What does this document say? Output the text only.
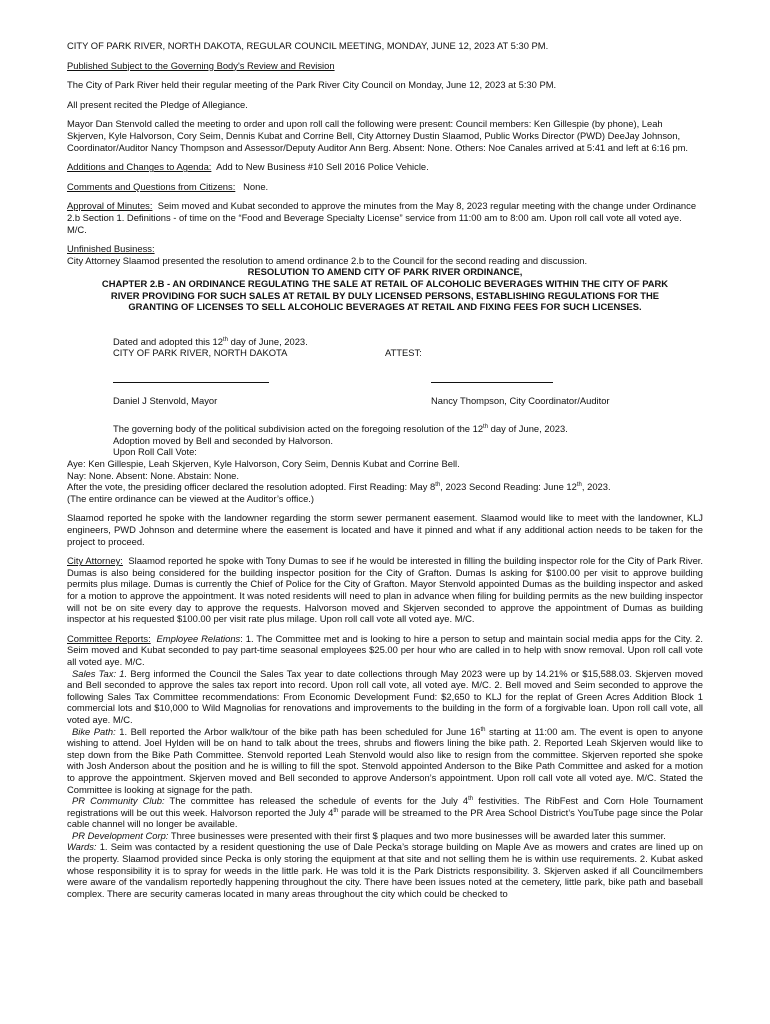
CITY OF PARK RIVER, NORTH DAKOTA, REGULAR COUNCIL MEETING, MONDAY, JUNE 12, 2023 AT 5:30 PM.

Published Subject to the Governing Body's Review and Revision

The City of Park River held their regular meeting of the Park River City Council on Monday, June 12, 2023 at 5:30 PM.

All present recited the Pledge of Allegiance.

Mayor Dan Stenvold called the meeting to order and upon roll call the following were present: Council members: Ken Gillespie (by phone), Leah Skjerven, Kyle Halvorson, Cory Seim, Dennis Kubat and Corrine Bell, City Attorney Dustin Slaamod, Public Works Director (PWD) DeeJay Johnson, Coordinator/Auditor Nancy Thompson and Assessor/Deputy Auditor Ann Berg. Absent: None. Others: Noe Canales arrived at 5:41 and left at 6:16 pm.

Additions and Changes to Agenda: Add to New Business #10 Sell 2016 Police Vehicle.

Comments and Questions from Citizens: None.

Approval of Minutes: Seim moved and Kubat seconded to approve the minutes from the May 8, 2023 regular meeting with the change under Ordinance 2.b Section 1. Definitions - of time on the “Food and Beverage Specialty License” service from 11:00 am to 8:00 am. Upon roll call vote all voted aye. M/C.

Unfinished Business:

City Attorney Slaamod presented the resolution to amend ordinance 2.b to the Council for the second reading and discussion.

RESOLUTION TO AMEND CITY OF PARK RIVER ORDINANCE,

CHAPTER 2.B - AN ORDINANCE REGULATING THE SALE AT RETAIL OF ALCOHOLIC BEVERAGES WITHIN THE CITY OF PARK

RIVER PROVIDING FOR SUCH SALES AT RETAIL BY DULY LICENSED PERSONS, ESTABLISHING REGULATIONS FOR THE

GRANTING OF LICENSES TO SELL ALCOHOLIC BEVERAGES AT RETAIL AND FIXING FEES FOR SUCH LICENSES.

Dated and adopted this 12th day of June, 2023.

CITY OF PARK RIVER, NORTH DAKOTA	ATTEST:
Daniel J Stenvold, Mayor	Nancy Thompson, City Coordinator/Auditor

The governing body of the political subdivision acted on the foregoing resolution of the 12th day of June, 2023.

Adoption moved by Bell and seconded by Halvorson.

Upon Roll Call Vote:

Aye: Ken Gillespie, Leah Skjerven, Kyle Halvorson, Cory Seim, Dennis Kubat and Corrine Bell.

Nay: None. Absent: None. Abstain: None.

After the vote, the presiding officer declared the resolution adopted. First Reading: May 8th, 2023 Second Reading: June 12th, 2023.

(The entire ordinance can be viewed at the Auditor’s office.)

Slaamod reported he spoke with the landowner regarding the storm sewer permanent easement. Slaamod would like to meet with the landowner, KLJ engineers, PWD Johnson and determine where the easement is located and have it pinned and what if any additional action needs to be taken for the project to proceed.

City Attorney: Slaamod reported he spoke with Tony Dumas to see if he would be interested in filling the building inspector role for the City of Park River. Dumas is also being considered for the building inspector position for the City of Grafton. Dumas Is asking for $100.00 per visit to approve building permits plus milage. Dumas is currently the Chief of Police for the City of Grafton. Mayor Stenvold appointed Dumas as the building inspector and asked for a motion to approve the appointment. It was noted residents will need to plan in advance when filing for building permits as the new building inspector will not be on site every day to approve the requests. Halvorson moved and Skjerven seconded to approve the appointment of Dumas as building inspector at his requested $100.00 per visit rate plus milage. Upon roll call vote all voted aye. M/C.

Committee Reports: Employee Relations: 1. The Committee met and is looking to hire a person to setup and maintain social media apps for the City. 2. Seim moved and Kubat seconded to pay part-time seasonal employees $25.00 per hour who are called in to help with snow removal. Upon roll call vote all voted aye. M/C.

Sales Tax: 1. Berg informed the Council the Sales Tax year to date collections through May 2023 were up by 14.21% or $15,588.03. Skjerven moved and Bell seconded to approve the sales tax report into record. Upon roll call vote, all voted aye. M/C. 2. Bell moved and Seim seconded to approve the following Sales Tax Committee recommendations: From Economic Development Fund: $2,650 to KLJ for the replat of Green Acres Addition Block 1 commercial lots and $10,000 to Wild Magnolias for renovations and improvements to the building in the form of a forgivable loan. Upon roll call vote, all voted aye. M/C.

Bike Path: 1. Bell reported the Arbor walk/tour of the bike path has been scheduled for June 16th starting at 11:00 am. The event is open to anyone wishing to attend. Joel Hylden will be on hand to talk about the trees, shrubs and flowers lining the bike path. 2. Reported Leah Skjerven would like to step down from the Bike Path Committee. Stenvold reported Leah Stenvold would also like to resign from the committee. Skjerven reported she spoke with Josh Anderson about the position and he is willing to fill the spot. Stenvold appointed Anderson to the Bike Path Committee and asked for a motion to approve the appointment. Skjerven moved and Bell seconded to approve Anderson’s appointment. Upon roll call vote all voted aye. M/C. Stated the Committee is looking at signage for the path.

PR Community Club: The committee has released the schedule of events for the July 4th festivities. The RibFest and Corn Hole Tournament registrations will be out this week. Halvorson reported the July 4th parade will be streamed to the PR Area School District’s YouTube page since the Polar cable channel will no longer be available.

PR Development Corp: Three businesses were presented with their first $ plaques and two more businesses will be awarded later this summer.

Wards: 1. Seim was contacted by a resident questioning the use of Dale Pecka’s storage building on Maple Ave as mowers and crates are lined up on the property. Slaamod provided since Pecka is only storing the equipment at that site and not selling them he is within use requirements. 2. Kubat asked whose responsibility it is to spray for weeds in the little park. He was told it is the Park Districts responsibility. 3. Skjerven asked if all Councilmembers were aware of the vandalism reportedly happening throughout the city. There have been issues noted at the cemetery, little park, bike path and baseball complex. There are security cameras located in many areas throughout the city which could be checked to
